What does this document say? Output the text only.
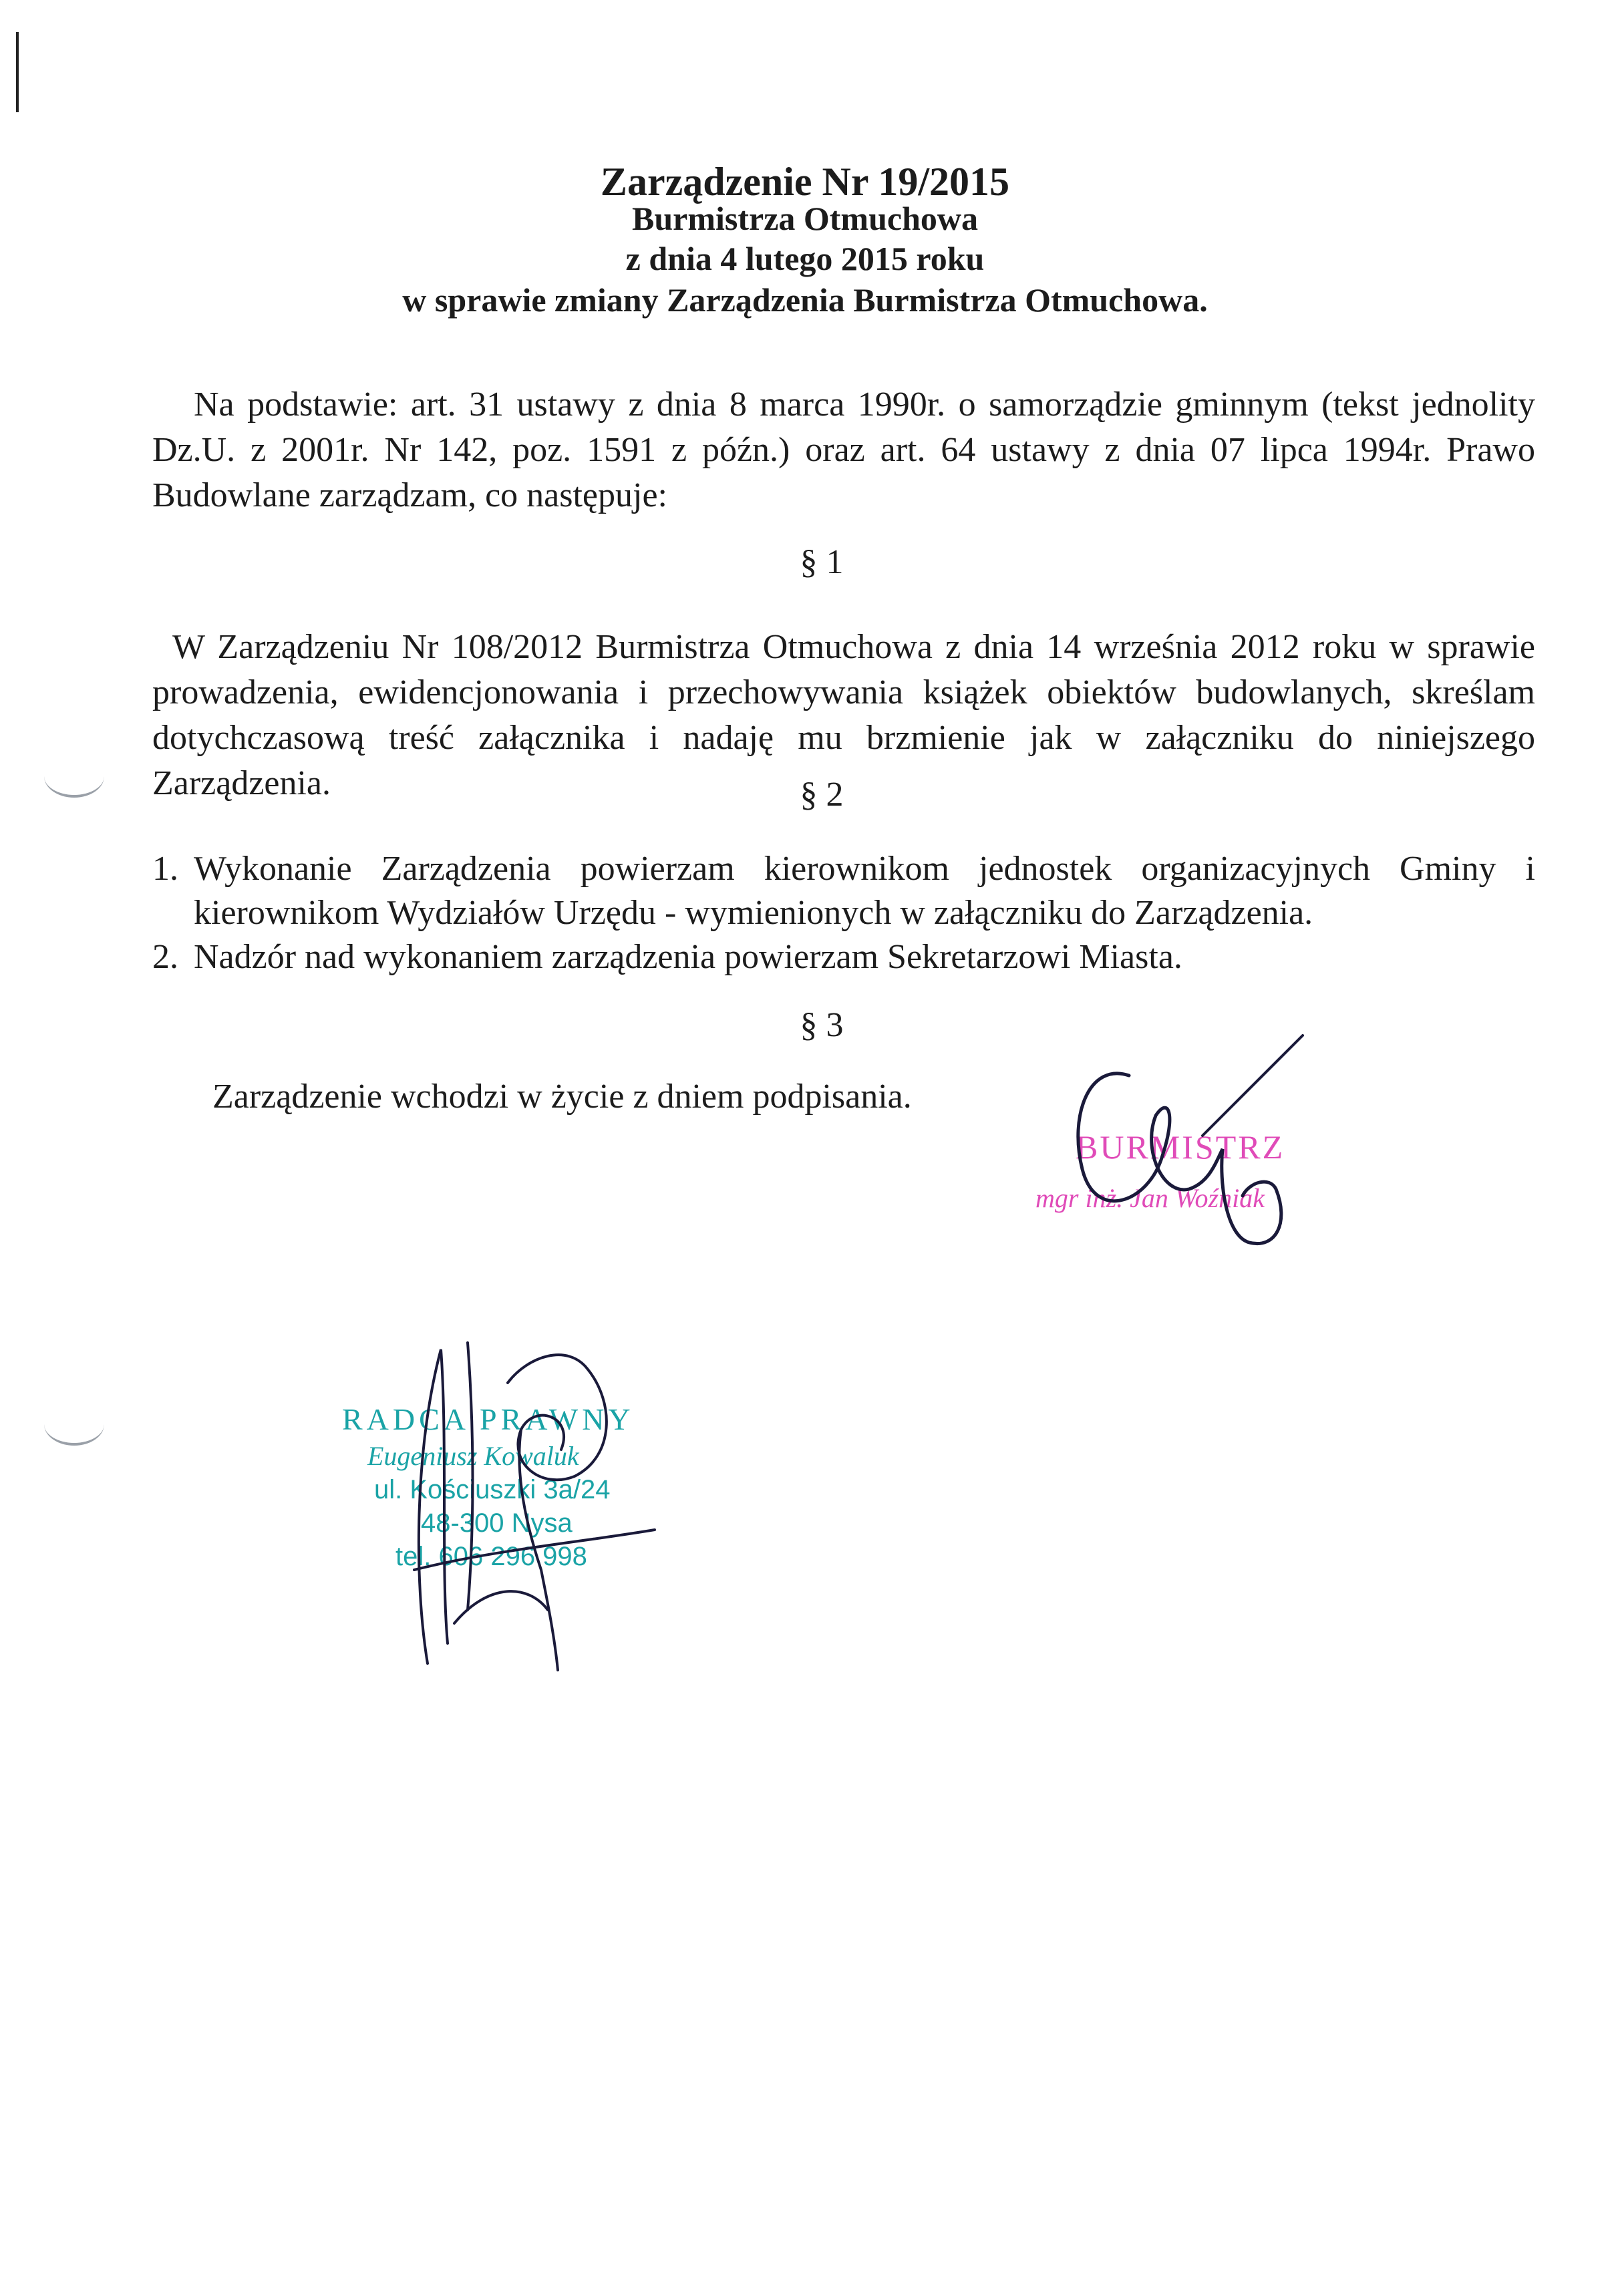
Zarządzenie Nr 19/2015
Burmistrza Otmuchowa
z dnia 4 lutego 2015 roku
w sprawie zmiany Zarządzenia Burmistrza Otmuchowa.

Na podstawie: art. 31 ustawy z dnia 8 marca 1990r. o samorządzie gminnym (tekst jednolity Dz.U. z 2001r. Nr 142, poz. 1591 z późn.) oraz art. 64 ustawy z dnia 07 lipca 1994r. Prawo Budowlane zarządzam, co następuje:

§ 1

W Zarządzeniu Nr 108/2012 Burmistrza Otmuchowa z dnia 14 września 2012 roku w sprawie prowadzenia, ewidencjonowania i przechowywania książek obiektów budowlanych, skreślam dotychczasową treść załącznika i nadaję mu brzmienie jak w załączniku do niniejszego Zarządzenia.	§ 2
1. Wykonanie Zarządzenia powierzam kierownikom jednostek organizacyjnych Gminy i kierownikom Wydziałów Urzędu - wymienionych w załączniku do Zarządzenia.
2. Nadzór nad wykonaniem zarządzenia powierzam Sekretarzowi Miasta.
§ 3
Zarządzenie wchodzi w życie z dniem podpisania.
BURMISTRZ
mgr inż. Jan Woźniak
RADCA PRAWNY
Eugeniusz Kowaluk
ul. Kościuszki 3a/24
48-300 Nysa
tel. 606 296 998
